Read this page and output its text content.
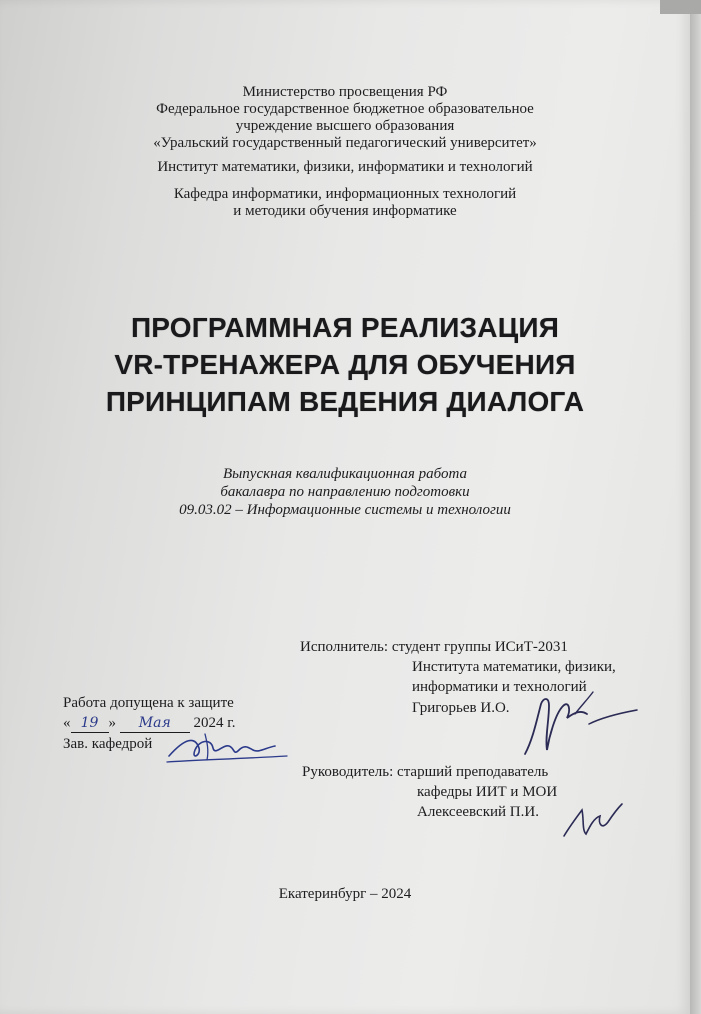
Министерство просвещения РФ
Федеральное государственное бюджетное образовательное
учреждение высшего образования
«Уральский государственный педагогический университет»
Институт математики, физики, информатики и технологий
Кафедра информатики, информационных технологий
и методики обучения информатике
ПРОГРАММНАЯ РЕАЛИЗАЦИЯ
VR-ТРЕНАЖЕРА ДЛЯ ОБУЧЕНИЯ
ПРИНЦИПАМ ВЕДЕНИЯ ДИАЛОГА
Выпускная квалификационная работа
бакалавра по направлению подготовки
09.03.02 – Информационные системы и технологии
Исполнитель: студент группы ИСиТ-2031
Института математики, физики,
информатики и технологий
Григорьев И.О.
Работа допущена к защите
« 19 » Мая 2024 г.
Зав. кафедрой
Руководитель: старший преподаватель
кафедры ИИТ и МОИ
Алексеевский П.И.
Екатеринбург – 2024
